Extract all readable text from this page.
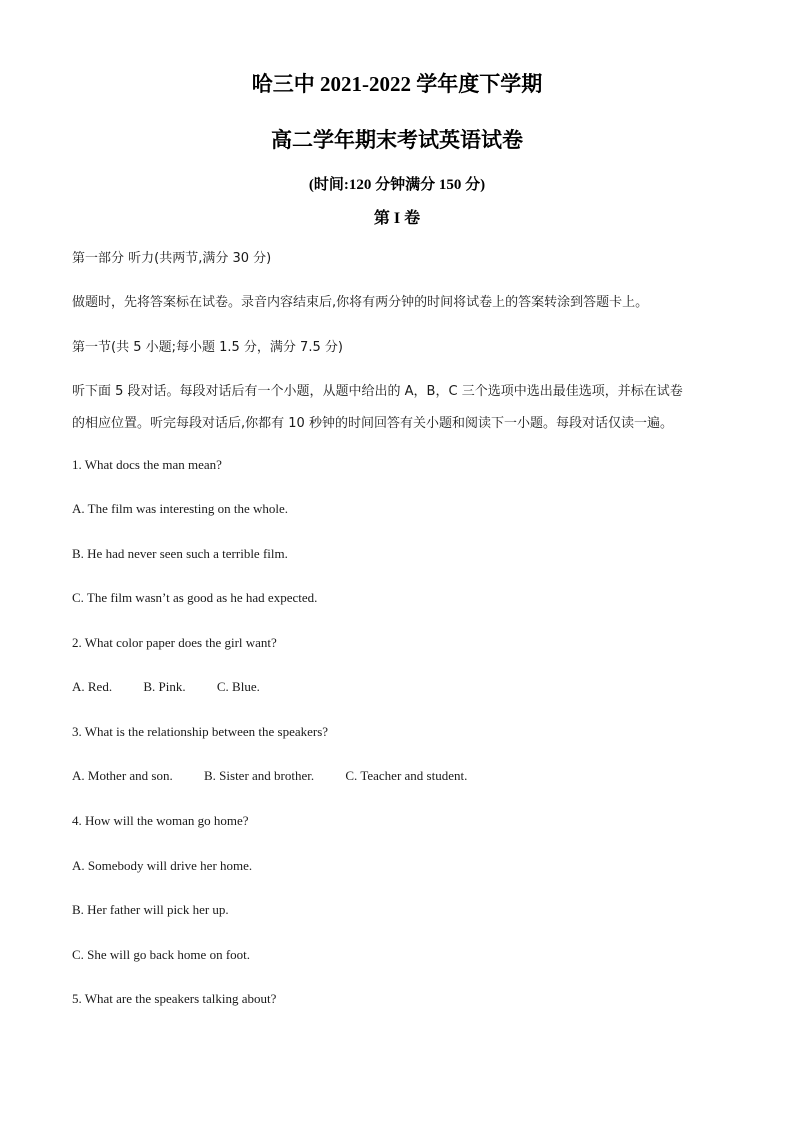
哈三中 2021-2022 学年度下学期
高二学年期末考试英语试卷
(时间:120 分钟满分 150 分)
第 I 卷
第一部分 听力(共两节,满分 30 分)
做题时，先将答案标在试卷。录音内容结束后,你将有两分钟的时间将试卷上的答案转涂到答题卡上。
第一节(共 5 小题;每小题 1.5 分，满分 7.5 分)
听下面 5 段对话。每段对话后有一个小题，从题中给出的 A，B，C 三个选项中选出最佳选项，并标在试卷
的相应位置。听完每段对话后,你都有 10 秒钟的时间回答有关小题和阅读下一小题。每段对话仅读一遍。
1. What docs the man mean?
A. The film was interesting on the whole.
B. He had never seen such a terrible film.
C. The film wasn’t as good as he had expected.
2. What color paper does the girl want?
A. Red. B. Pink. C. Blue.
3. What is the relationship between the speakers?
A. Mother and son. B. Sister and brother. C. Teacher and student.
4. How will the woman go home?
A. Somebody will drive her home.
B. Her father will pick her up.
C. She will go back home on foot.
5. What are the speakers talking about?
